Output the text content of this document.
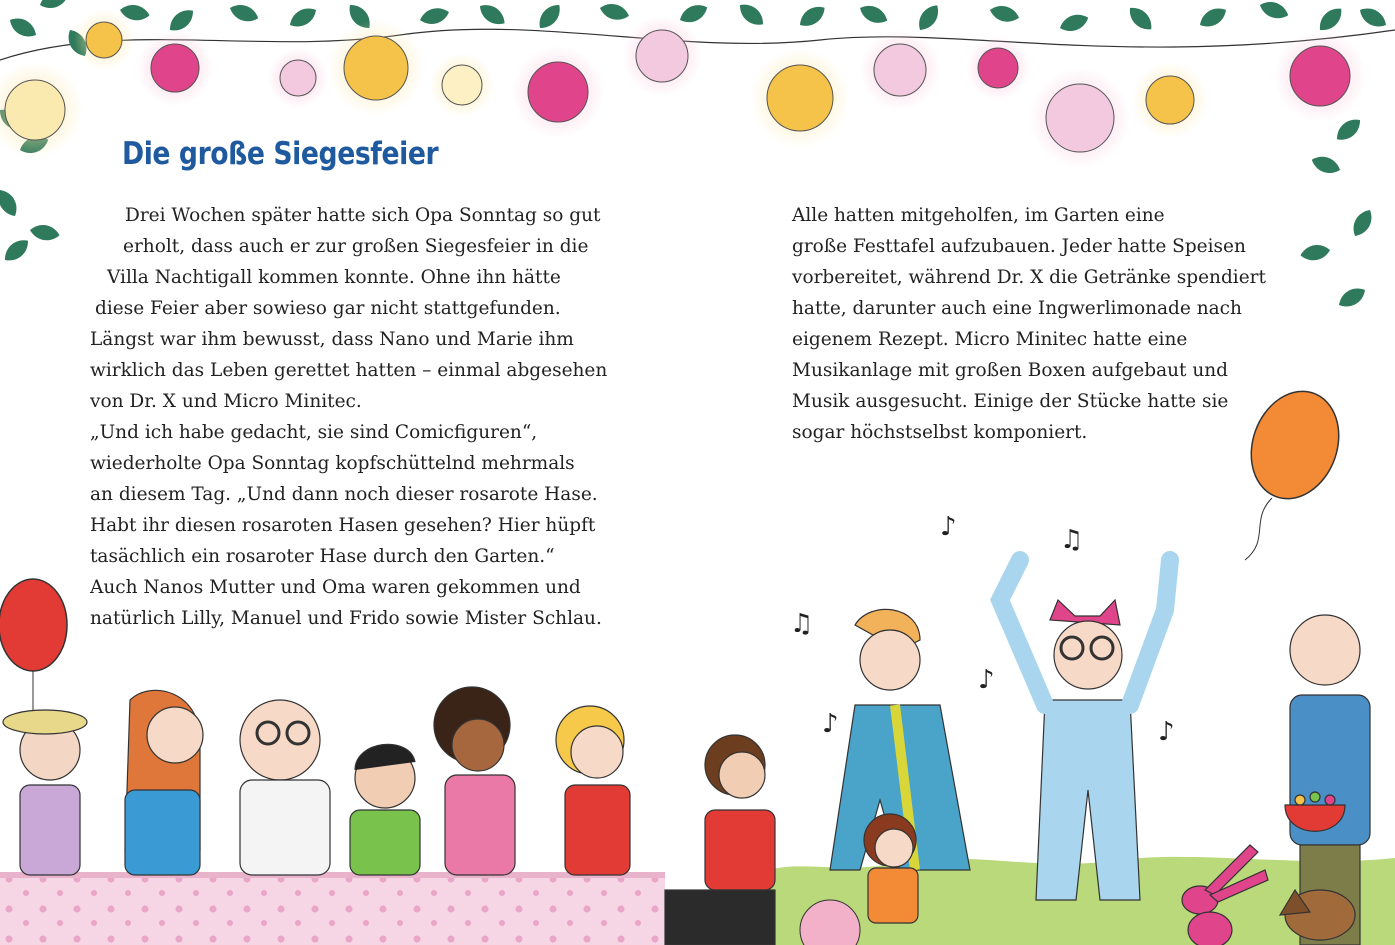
♪	♫
♫
♪
♪	♪
Die große Siegesfeier
Drei Wochen später hatte sich Opa Sonntag so gut
erholt, dass auch er zur großen Siegesfeier in die
Villa Nachtigall kommen konnte. Ohne ihn hätte
diese Feier aber sowieso gar nicht stattgefunden.
Längst war ihm bewusst, dass Nano und Marie ihm
wirklich das Leben gerettet hatten – einmal abgesehen
von Dr. X und Micro Minitec.
„Und ich habe gedacht, sie sind Comicfiguren“,
wiederholte Opa Sonntag kopfschüttelnd mehrmals
an diesem Tag. „Und dann noch dieser rosarote Hase.
Habt ihr diesen rosaroten Hasen gesehen? Hier hüpft
tasächlich ein rosaroter Hase durch den Garten.“
Auch Nanos Mutter und Oma waren gekommen und
natürlich Lilly, Manuel und Frido sowie Mister Schlau.
Alle hatten mitgeholfen, im Garten eine
große Festtafel aufzubauen. Jeder hatte Speisen
vorbereitet, während Dr. X die Getränke spendiert
hatte, darunter auch eine Ingwerlimonade nach
eigenem Rezept. Micro Minitec hatte eine
Musikanlage mit großen Boxen aufgebaut und
Musik ausgesucht. Einige der Stücke hatte sie
sogar höchstselbst komponiert.
